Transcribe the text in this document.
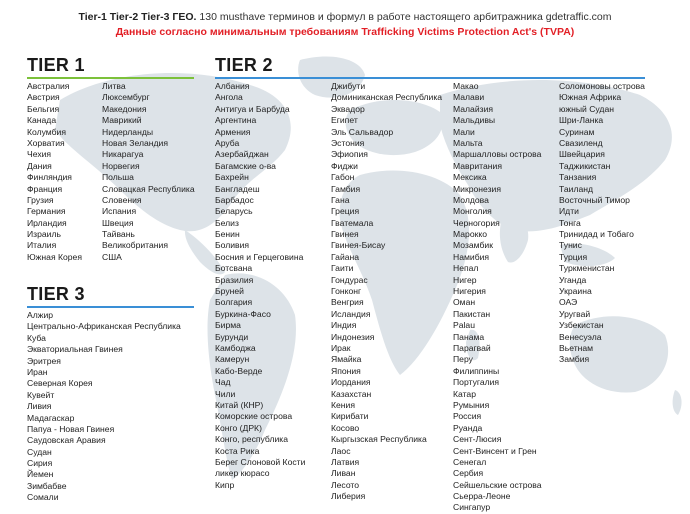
Tier-1 Tier-2 Tier-3 ГЕО. 130 musthave терминов и формул в работе настоящего арбитражника gdetraffic.com
Данные согласно минимальным требованиям Trafficking Victims Protection Act's (TVPA)
TIER 1
Австралия
Австрия
Бельгия
Канада
Колумбия
Хорватия
Чехия
Дания
Финляндия
Франция
Грузия
Германия
Ирландия
Израиль
Италия
Южная Корея
Литва
Люксембург
Македония
Маврикий
Нидерланды
Новая Зеландия
Никарагуа
Норвегия
Польша
Словацкая Республика
Словения
Испания
Швеция
Тайвань
Великобритания
США
TIER 2
Албания
Ангола
Антигуа и Барбуда
Аргентина
Армения
Аруба
Азербайджан
Багамские о-ва
Бахрейн
Бангладеш
Барбадос
Беларусь
Белиз
Бенин
Боливия
Босния и Герцеговина
Ботсвана
Бразилия
Бруней
Болгария
Буркина-Фасо
Бирма
Бурунди
Камбоджа
Камерун
Кабо-Верде
Чад
Чили
Китай (КНР)
Коморские острова
Конго (ДРК)
Конго, республика
Коста Рика
Берег Слоновой Кости
ликер кюрасо
Кипр
Джибути
Доминиканская Республика
Эквадор
Египет
Эль Сальвадор
Эстония
Эфиопия
Фиджи
Габон
Гамбия
Гана
Греция
Гватемала
Гвинея
Гвинея-Бисау
Гайана
Гаити
Гондурас
Гонконг
Венгрия
Исландия
Индия
Индонезия
Ирак
Ямайка
Япония
Иордания
Казахстан
Кения
Кирибати
Косово
Кыргызская Республика
Лаос
Латвия
Ливан
Лесото
Либерия
Макао
Малави
Малайзия
Мальдивы
Мали
Мальта
Маршалловы острова
Мавритания
Мексика
Микронезия
Молдова
Монголия
Черногория
Марокко
Мозамбик
Намибия
Непал
Нигер
Нигерия
Оман
Пакистан
Palau
Панама
Парагвай
Перу
Филиппины
Португалия
Катар
Румыния
Россия
Руанда
Сент-Люсия
Сент-Винсент и Грен
Сенегал
Сербия
Сейшельские острова
Сьерра-Леоне
Сингапур
Соломоновы острова
Южная Африка
южный Судан
Шри-Ланка
Суринам
Свазиленд
Швейцария
Таджикистан
Танзания
Таиланд
Восточный Тимор
Идти
Тонга
Тринидад и Тобаго
Тунис
Турция
Туркменистан
Уганда
Украина
ОАЭ
Уругвай
Узбекистан
Венесуэла
Вьетнам
Замбия
TIER 3
Алжир
Центрально-Африканская Республика
Куба
Экваториальная Гвинея
Эритрея
Иран
Северная Корея
Кувейт
Ливия
Мадагаскар
Папуа - Новая Гвинея
Саудовская Аравия
Судан
Сирия
Йемен
Зимбабве
Сомали
